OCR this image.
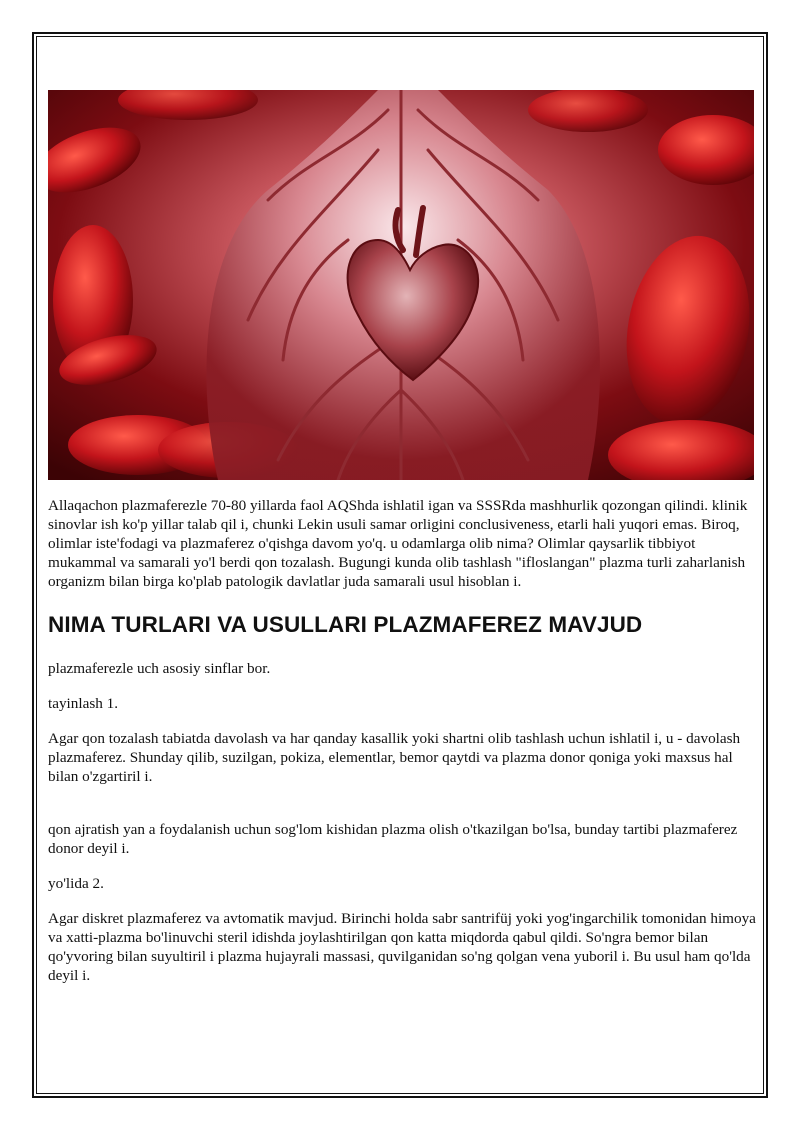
Allaqachon plazmaferezle 70-80 yillarda faol AQShda ishlatil igan va SSSRda mashhurlik qozongan qilindi. klinik sinovlar ish ko'p yillar talab qil i, chunki Lekin usuli samar orligini conclusiveness, etarli hali yuqori emas. Biroq, olimlar iste'fodagi va plazmaferez o'qishga davom yo'q. u odamlarga olib nima? Olimlar qaysarlik tibbiyot mukammal va samarali yo'l berdi qon tozalash. Bugungi kunda olib tashlash "ifloslangan" plazma turli zaharlanish organizm bilan birga ko'plab patologik davlatlar juda samarali usul hisoblan i.

NIMA TURLARI VA USULLARI PLAZMAFEREZ MAVJUD

plazmaferezle uch asosiy sinflar bor.

tayinlash 1.

Agar qon tozalash tabiatda davolash va har qanday kasallik yoki shartni olib tashlash uchun ishlatil i, u - davolash plazmaferez. Shunday qilib, suzilgan, pokiza, elementlar, bemor qaytdi va plazma donor qoniga yoki maxsus hal bilan o'zgartiril i.

qon ajratish yan a foydalanish uchun sog'lom kishidan plazma olish o'tkazilgan bo'lsa, bunday tartibi plazmaferez donor deyil i.

yo'lida 2.

Agar diskret plazmaferez va avtomatik mavjud. Birinchi holda sabr santrifüj yoki yog'ingarchilik tomonidan himoya va xatti-plazma bo'linuvchi steril idishda joylashtirilgan qon katta miqdorda qabul qildi. So'ngra bemor bilan qo'yvoring bilan suyultiril i plazma hujayrali massasi, quvilganidan so'ng qolgan vena yuboril i. Bu usul ham qo'lda deyil i.
